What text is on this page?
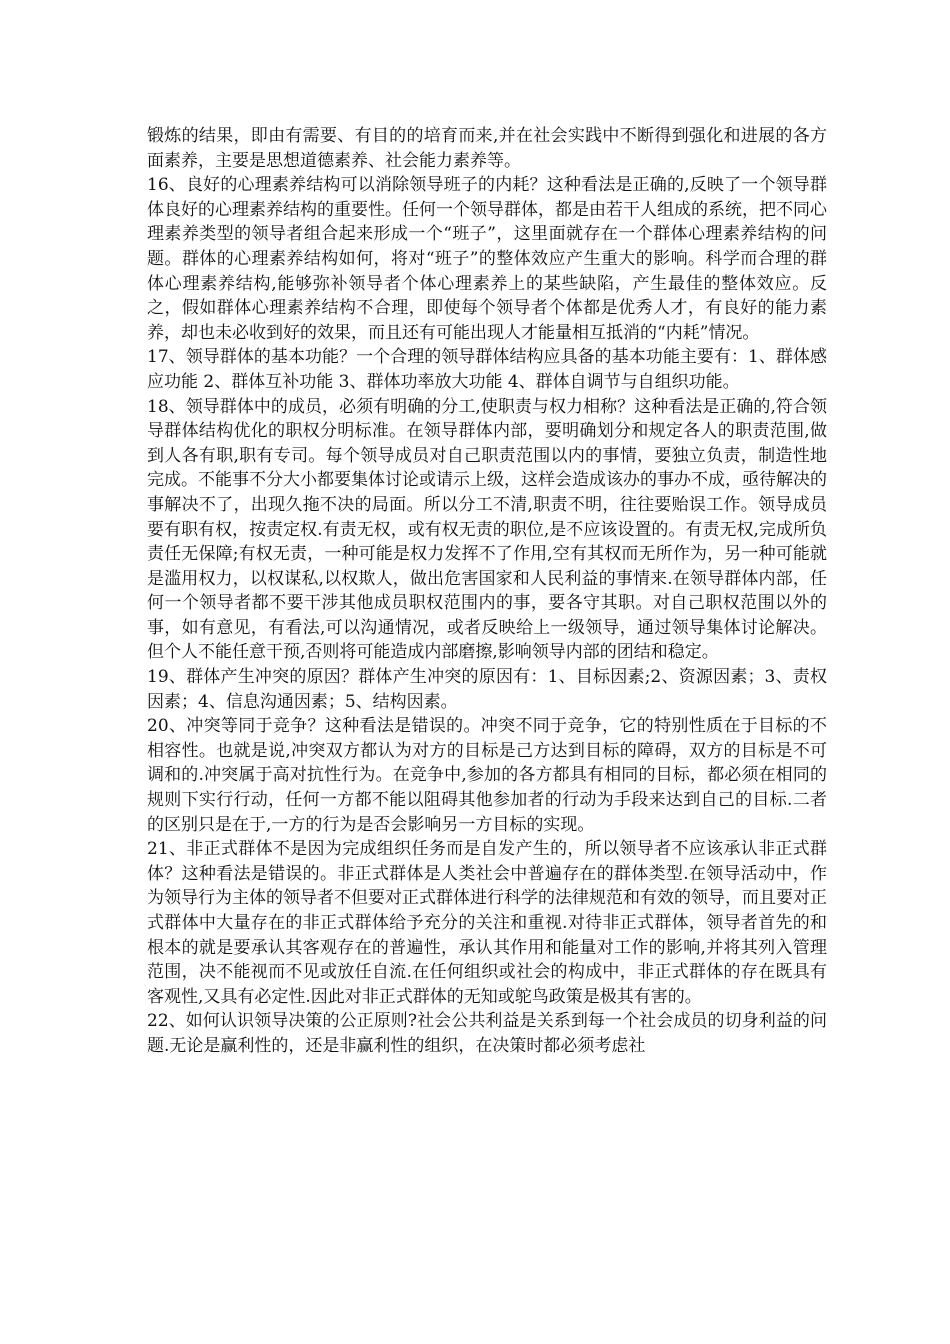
锻炼的结果，即由有需要、有目的的培育而来,并在社会实践中不断得到强化和进展的各方面素养，主要是思想道德素养、社会能力素养等。

16、良好的心理素养结构可以消除领导班子的内耗？这种看法是正确的,反映了一个领导群体良好的心理素养结构的重要性。任何一个领导群体，都是由若干人组成的系统，把不同心理素养类型的领导者组合起来形成一个“班子”，这里面就存在一个群体心理素养结构的问题。群体的心理素养结构如何，将对“班子”的整体效应产生重大的影响。科学而合理的群体心理素养结构,能够弥补领导者个体心理素养上的某些缺陷，产生最佳的整体效应。反之，假如群体心理素养结构不合理，即使每个领导者个体都是优秀人才，有良好的能力素养，却也未必收到好的效果，而且还有可能出现人才能量相互抵消的“内耗”情况。

17、领导群体的基本功能？一个合理的领导群体结构应具备的基本功能主要有：1、群体感应功能 2、群体互补功能 3、群体功率放大功能 4、群体自调节与自组织功能。

18、领导群体中的成员，必须有明确的分工,使职责与权力相称？这种看法是正确的,符合领导群体结构优化的职权分明标准。在领导群体内部，要明确划分和规定各人的职责范围,做到人各有职,职有专司。每个领导成员对自己职责范围以内的事情，要独立负责，制造性地完成。不能事不分大小都要集体讨论或请示上级，这样会造成该办的事办不成，亟待解决的事解决不了，出现久拖不决的局面。所以分工不清,职责不明，往往要贻误工作。领导成员要有职有权，按责定权.有责无权，或有权无责的职位,是不应该设置的。有责无权,完成所负责任无保障;有权无责，一种可能是权力发挥不了作用,空有其权而无所作为，另一种可能就是滥用权力，以权谋私,以权欺人，做出危害国家和人民利益的事情来.在领导群体内部，任何一个领导者都不要干涉其他成员职权范围内的事，要各守其职。对自己职权范围以外的事，如有意见，有看法,可以沟通情况，或者反映给上一级领导，通过领导集体讨论解决。但个人不能任意干预,否则将可能造成内部磨擦,影响领导内部的团结和稳定。

19、群体产生冲突的原因？群体产生冲突的原因有：1、目标因素;2、资源因素；3、责权因素；4、信息沟通因素；5、结构因素。

20、冲突等同于竞争？这种看法是错误的。冲突不同于竞争，它的特别性质在于目标的不相容性。也就是说,冲突双方都认为对方的目标是己方达到目标的障碍，双方的目标是不可调和的.冲突属于高对抗性行为。在竞争中,参加的各方都具有相同的目标，都必须在相同的规则下实行行动，任何一方都不能以阻碍其他参加者的行动为手段来达到自己的目标.二者的区别只是在于,一方的行为是否会影响另一方目标的实现。

21、非正式群体不是因为完成组织任务而是自发产生的，所以领导者不应该承认非正式群体？这种看法是错误的。非正式群体是人类社会中普遍存在的群体类型.在领导活动中，作为领导行为主体的领导者不但要对正式群体进行科学的法律规范和有效的领导，而且要对正式群体中大量存在的非正式群体给予充分的关注和重视.对待非正式群体，领导者首先的和根本的就是要承认其客观存在的普遍性，承认其作用和能量对工作的影响,并将其列入管理范围，决不能视而不见或放任自流.在任何组织或社会的构成中，非正式群体的存在既具有客观性,又具有必定性.因此对非正式群体的无知或鸵鸟政策是极其有害的。

22、如何认识领导决策的公正原则?社会公共利益是关系到每一个社会成员的切身利益的问题.无论是赢利性的，还是非赢利性的组织，在决策时都必须考虑社
